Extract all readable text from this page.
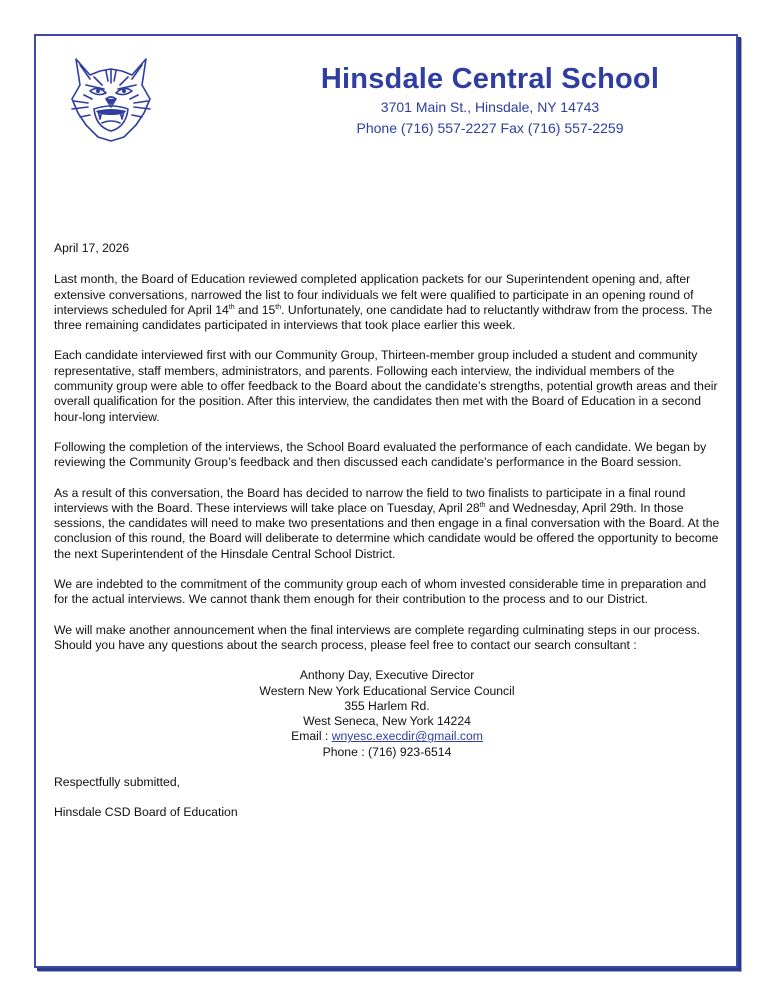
Hinsdale Central School
3701 Main St., Hinsdale, NY 14743
Phone (716) 557-2227 Fax (716) 557-2259

April 17, 2026

Last month, the Board of Education reviewed completed application packets for our Superintendent opening and, after extensive conversations, narrowed the list to four individuals we felt were qualified to participate in an opening round of interviews scheduled for April 14th and 15th. Unfortunately, one candidate had to reluctantly withdraw from the process. The three remaining candidates participated in interviews that took place earlier this week.

Each candidate interviewed first with our Community Group, Thirteen-member group included a student and community representative, staff members, administrators, and parents. Following each interview, the individual members of the community group were able to offer feedback to the Board about the candidate’s strengths, potential growth areas and their overall qualification for the position. After this interview, the candidates then met with the Board of Education in a second hour-long interview.

Following the completion of the interviews, the School Board evaluated the performance of each candidate. We began by reviewing the Community Group’s feedback and then discussed each candidate’s performance in the Board session.

As a result of this conversation, the Board has decided to narrow the field to two finalists to participate in a final round interviews with the Board. These interviews will take place on Tuesday, April 28th and Wednesday, April 29th. In those sessions, the candidates will need to make two presentations and then engage in a final conversation with the Board. At the conclusion of this round, the Board will deliberate to determine which candidate would be offered the opportunity to become the next Superintendent of the Hinsdale Central School District.

We are indebted to the commitment of the community group each of whom invested considerable time in preparation and for the actual interviews. We cannot thank them enough for their contribution to the process and to our District.

We will make another announcement when the final interviews are complete regarding culminating steps in our process. Should you have any questions about the search process, please feel free to contact our search consultant :

Anthony Day, Executive Director
Western New York Educational Service Council
355 Harlem Rd.
West Seneca, New York 14224
Email : wnyesc.execdir@gmail.com
Phone : (716) 923-6514

Respectfully submitted,

Hinsdale CSD Board of Education
